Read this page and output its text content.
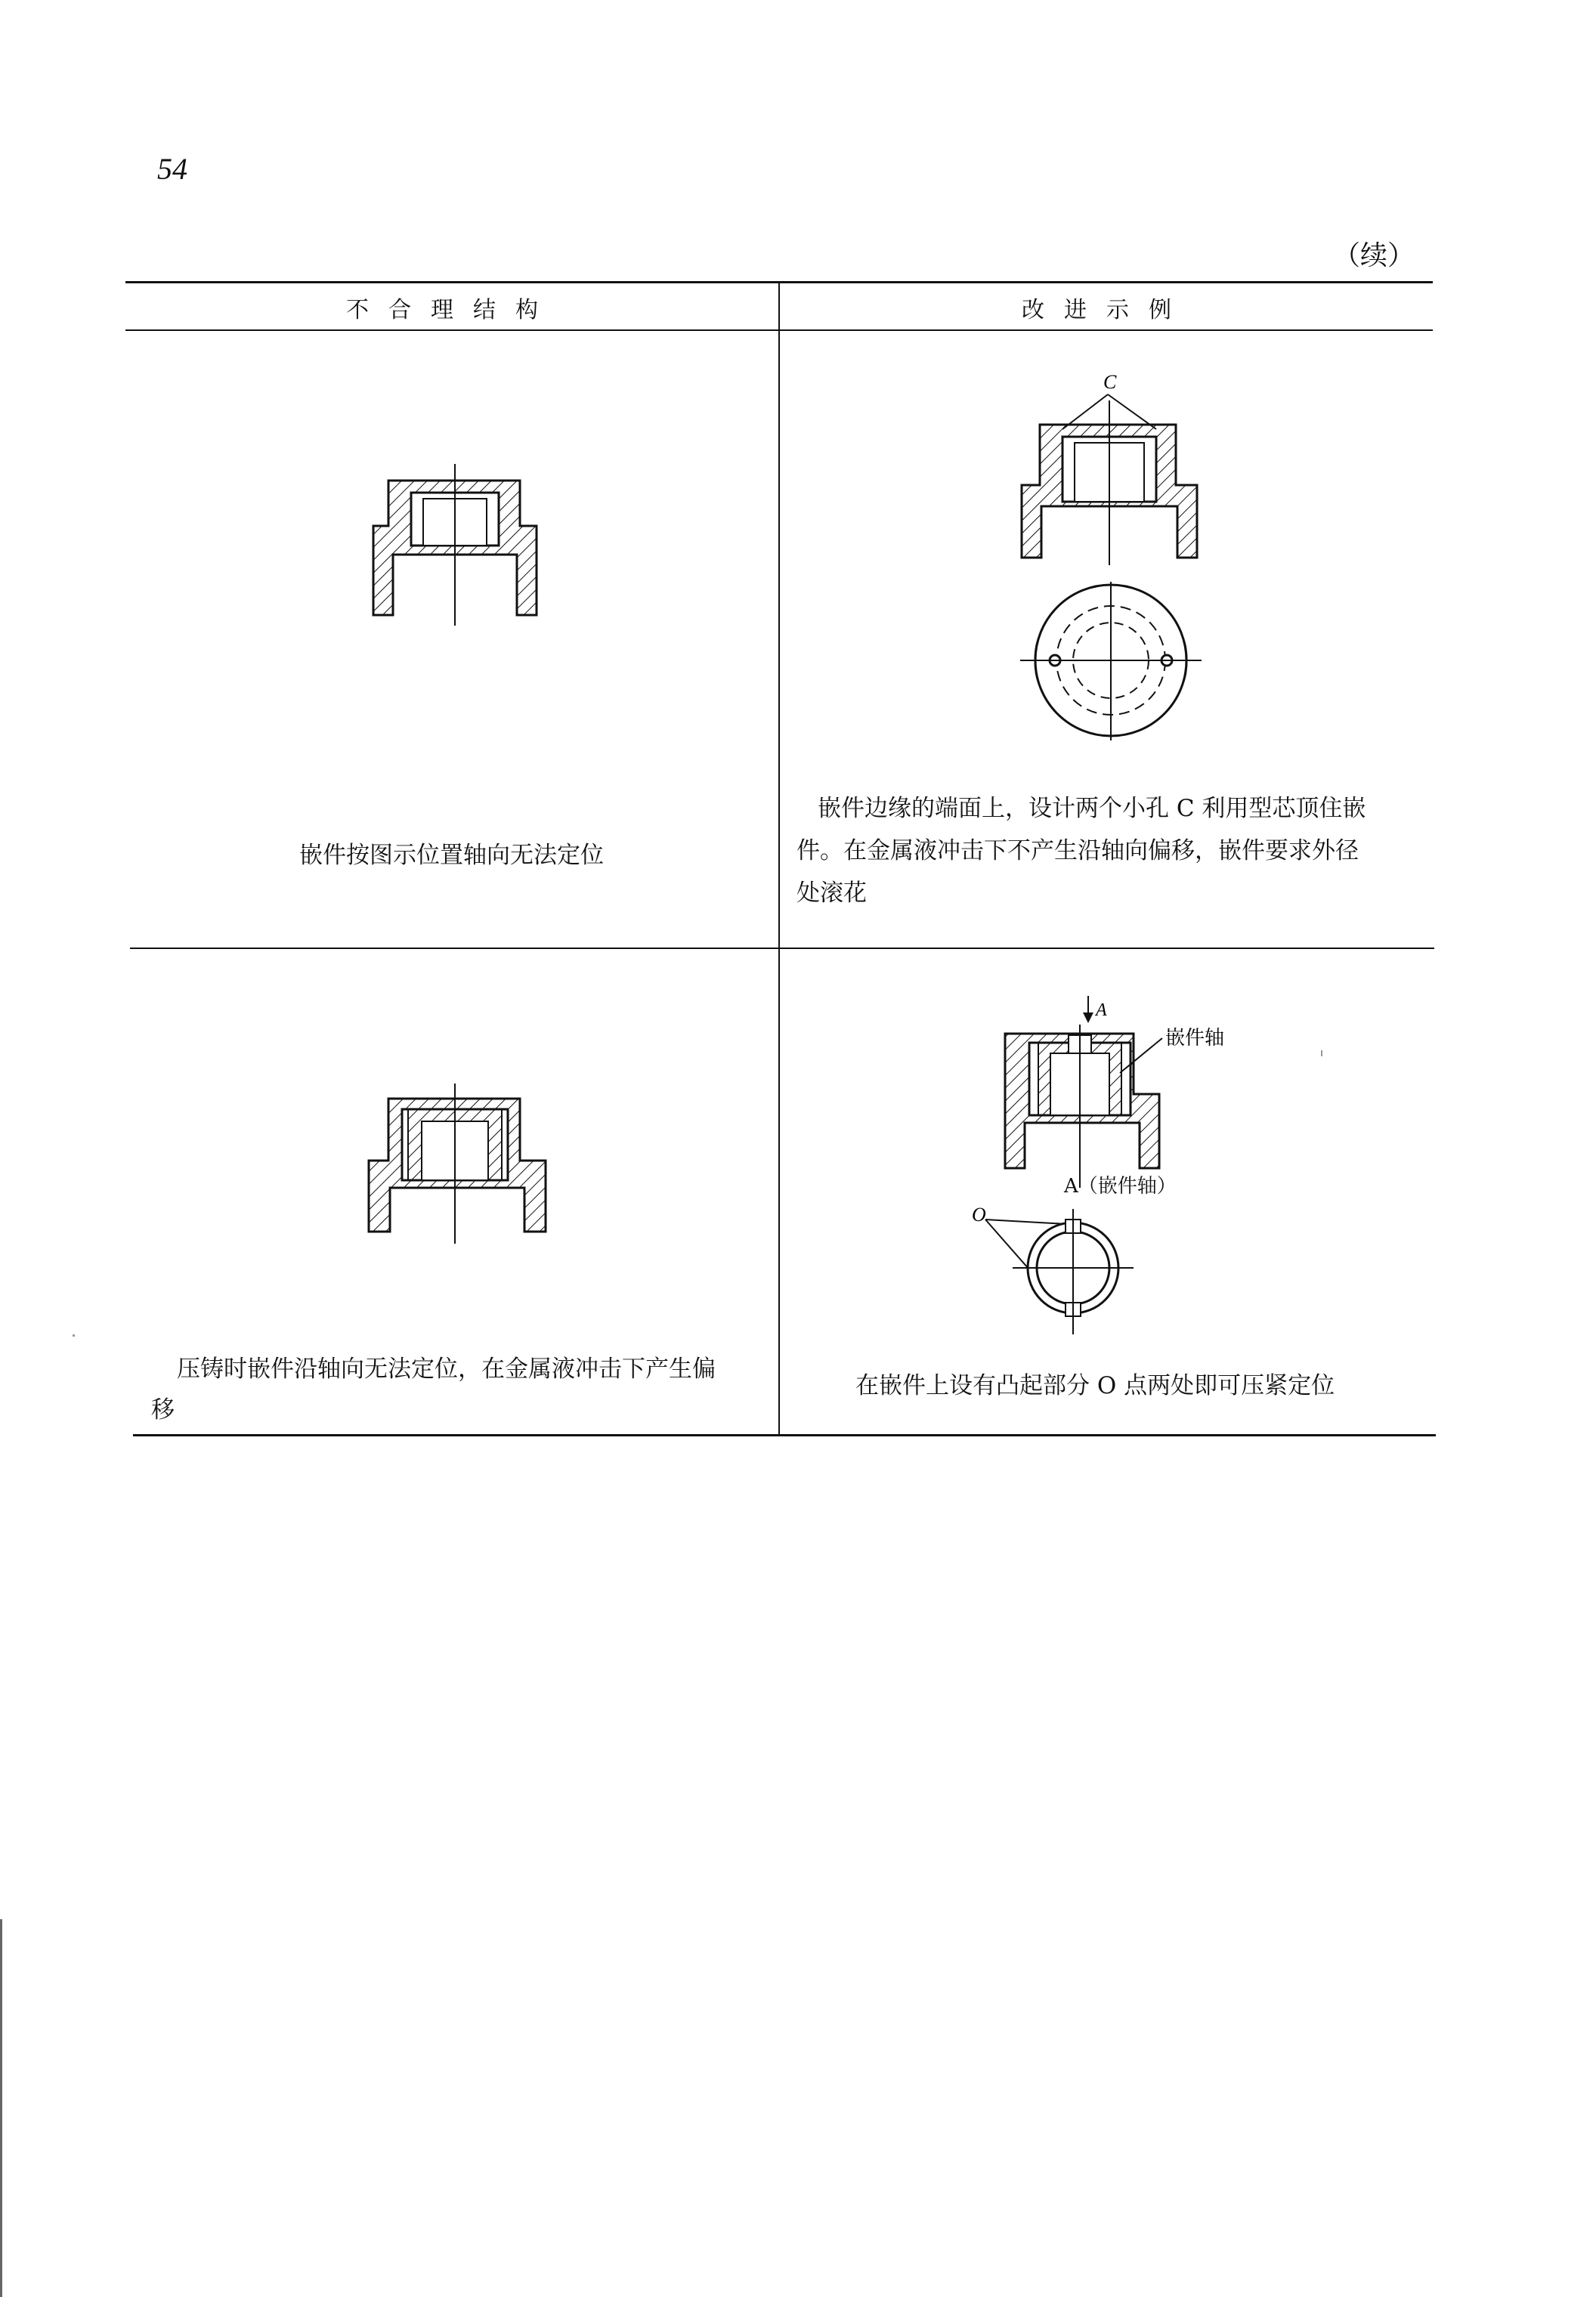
54
（续）
不合理结构	改进示例
嵌件按图示位置轴向无法定位
C
嵌件边缘的端面上，设计两个小孔 C 利用型芯顶住嵌
件。在金属液冲击下不产生沿轴向偏移，嵌件要求外径
处滚花
压铸时嵌件沿轴向无法定位，在金属液冲击下产生偏
移
A
嵌件轴
A（嵌件轴）
O
在嵌件上设有凸起部分 O 点两处即可压紧定位
